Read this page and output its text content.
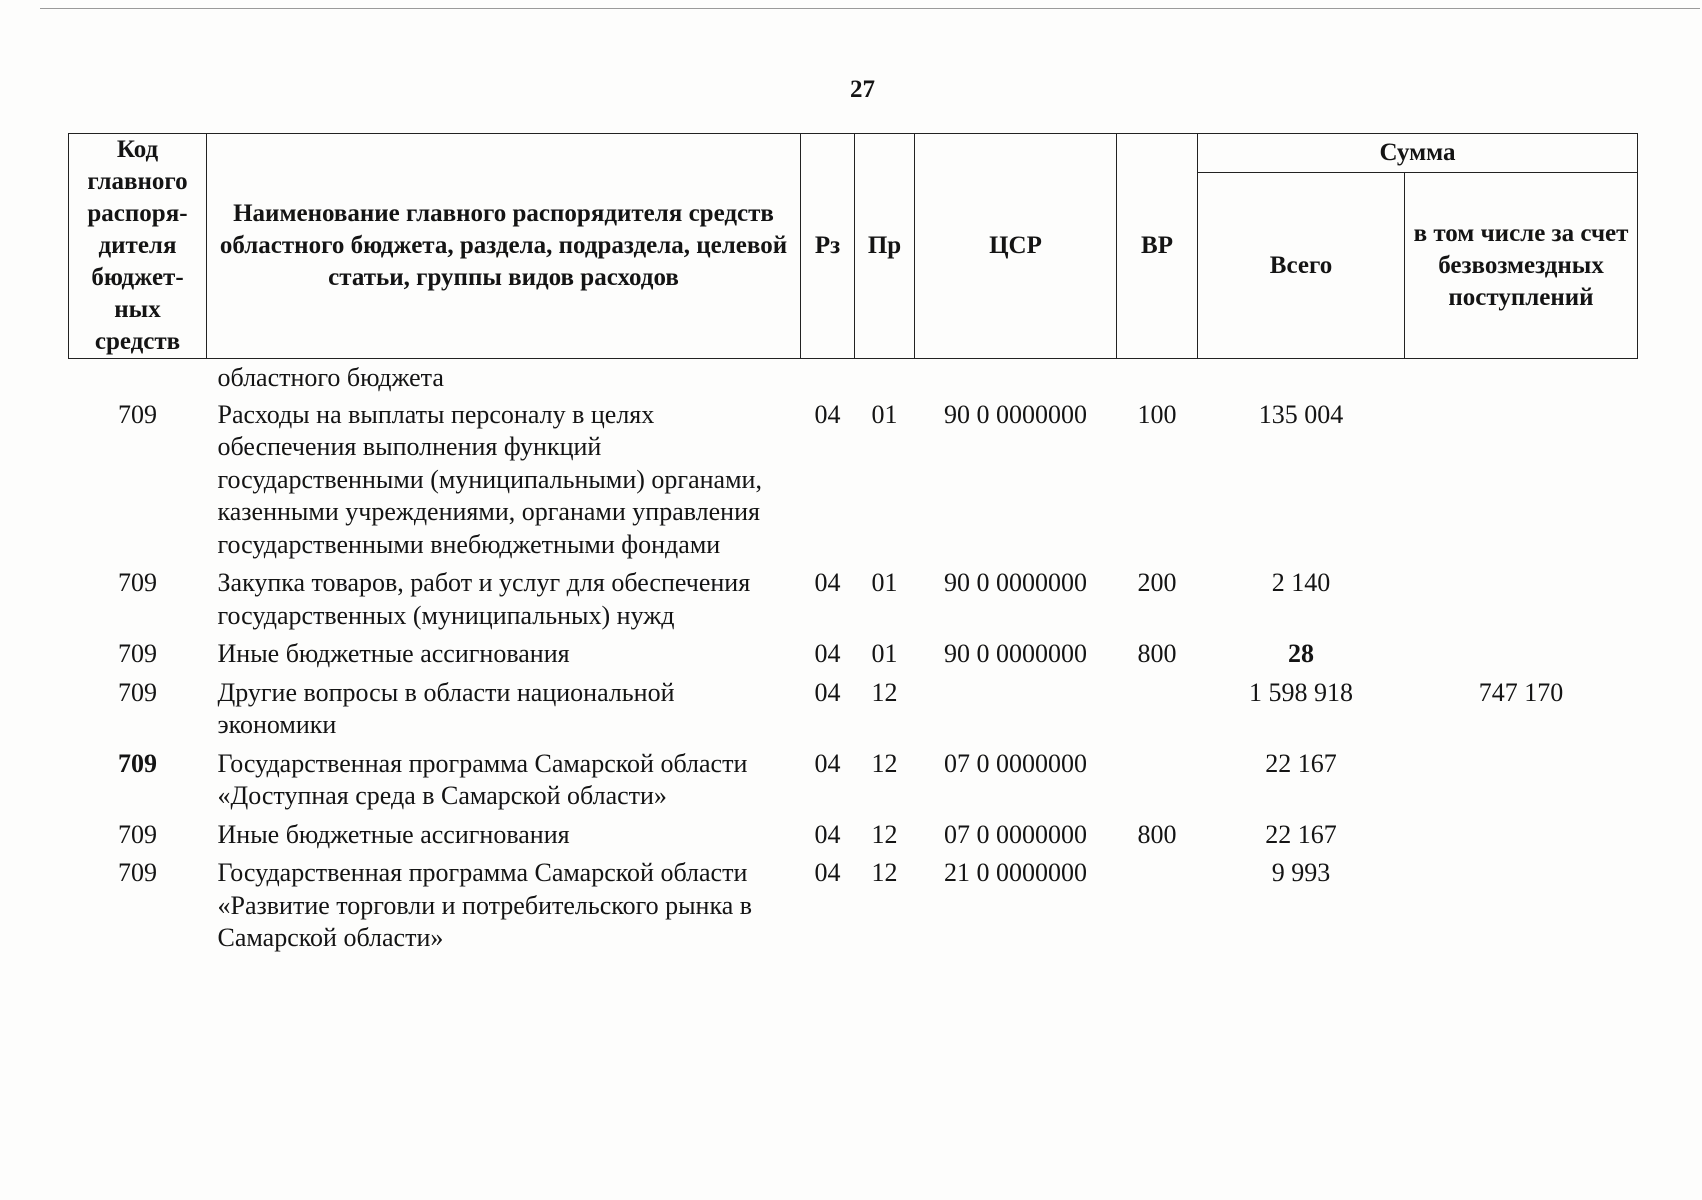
27
Код главного распоря-дителя бюджет-ных средств	Наименование главного распорядителя средств областного бюджета, раздела, подраздела, целевой статьи, группы видов расходов	Рз	Пр	ЦСР	ВР	Сумма	
						Всего	в том числе за счет безвозмездных поступлений
	областного бюджета						
709	Расходы на выплаты персоналу в целях обеспечения выполнения функций государственными (муниципальными) органами, казенными учреждениями, органами управления государственными внебюджетными фондами	04	01	90 0 0000000	100	135 004	
709	Закупка товаров, работ и услуг для обеспечения государственных (муниципальных) нужд	04	01	90 0 0000000	200	2 140	
709	Иные бюджетные ассигнования	04	01	90 0 0000000	800	28	
709	Другие вопросы в области национальной экономики	04	12			1 598 918	747 170
709	Государственная программа Самарской области «Доступная среда в Самарской области»	04	12	07 0 0000000		22 167	
709	Иные бюджетные ассигнования	04	12	07 0 0000000	800	22 167	
709	Государственная программа Самарской области «Развитие торговли и потребительского рынка в Самарской области»	04	12	21 0 0000000		9 993	
